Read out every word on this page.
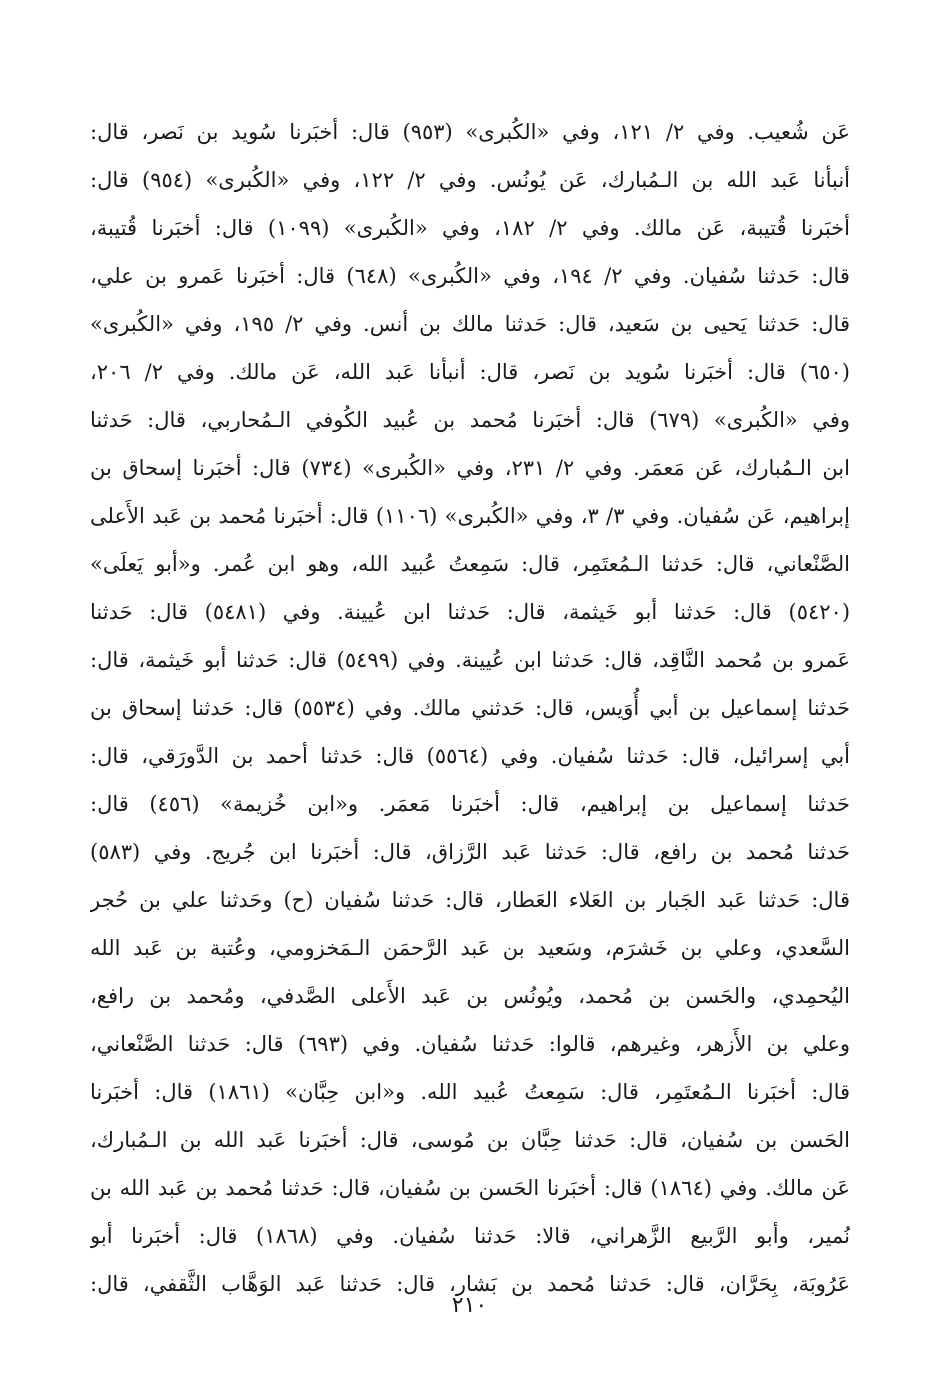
عَن شُعيب. وفي ٢/ ١٢١، وفي «الكُبرى» (٩٥٣) قال: أخبَرنا سُويد بن نَصر، قال:
أنبأنا عَبد الله بن الـمُبارك، عَن يُونُس. وفي ٢/ ١٢٢، وفي «الكُبرى» (٩٥٤) قال:
أخبَرنا قُتيبة، عَن مالك. وفي ٢/ ١٨٢، وفي «الكُبرى» (١٠٩٩) قال: أخبَرنا قُتيبة،
قال: حَدثنا سُفيان. وفي ٢/ ١٩٤، وفي «الكُبرى» (٦٤٨) قال: أخبَرنا عَمرو بن علي،
قال: حَدثنا يَحيى بن سَعيد، قال: حَدثنا مالك بن أنس. وفي ٢/ ١٩٥، وفي «الكُبرى»
(٦٥٠) قال: أخبَرنا سُويد بن نَصر، قال: أنبأنا عَبد الله، عَن مالك. وفي ٢/ ٢٠٦،
وفي «الكُبرى» (٦٧٩) قال: أخبَرنا مُحمد بن عُبيد الكُوفي الـمُحاربي، قال: حَدثنا
ابن الـمُبارك، عَن مَعمَر. وفي ٢/ ٢٣١، وفي «الكُبرى» (٧٣٤) قال: أخبَرنا إسحاق بن
إبراهيم، عَن سُفيان. وفي ٣/ ٣، وفي «الكُبرى» (١١٠٦) قال: أخبَرنا مُحمد بن عَبد الأَعلى
الصَّنْعاني، قال: حَدثنا الـمُعتَمِر، قال: سَمِعتُ عُبيد الله، وهو ابن عُمر. و«أبو يَعلَى»
(٥٤٢٠) قال: حَدثنا أبو خَيثمة، قال: حَدثنا ابن عُيينة. وفي (٥٤٨١) قال: حَدثنا
عَمرو بن مُحمد النَّاقِد، قال: حَدثنا ابن عُيينة. وفي (٥٤٩٩) قال: حَدثنا أبو خَيثمة، قال:
حَدثنا إسماعيل بن أبي أُوَيس، قال: حَدثني مالك. وفي (٥٥٣٤) قال: حَدثنا إسحاق بن
أبي إسرائيل، قال: حَدثنا سُفيان. وفي (٥٥٦٤) قال: حَدثنا أحمد بن الدَّورَقي، قال:
حَدثنا إسماعيل بن إبراهيم، قال: أخبَرنا مَعمَر. و«ابن خُزيمة» (٤٥٦) قال:
حَدثنا مُحمد بن رافع، قال: حَدثنا عَبد الرَّزاق، قال: أخبَرنا ابن جُريج. وفي (٥٨٣)
قال: حَدثنا عَبد الجَبار بن العَلاء العَطار، قال: حَدثنا سُفيان (ح) وحَدثنا علي بن حُجر
السَّعدي، وعلي بن خَشرَم، وسَعيد بن عَبد الرَّحمَن الـمَخزومي، وعُتبة بن عَبد الله
اليُحمِدي، والحَسن بن مُحمد، ويُونُس بن عَبد الأَعلى الصَّدفي، ومُحمد بن رافع،
وعلي بن الأَزهر، وغيرهم، قالوا: حَدثنا سُفيان. وفي (٦٩٣) قال: حَدثنا الصَّنْعاني،
قال: أخبَرنا الـمُعتَمِر، قال: سَمِعتُ عُبيد الله. و«ابن حِبَّان» (١٨٦١) قال: أخبَرنا
الحَسن بن سُفيان، قال: حَدثنا حِبَّان بن مُوسى، قال: أخبَرنا عَبد الله بن الـمُبارك،
عَن مالك. وفي (١٨٦٤) قال: أخبَرنا الحَسن بن سُفيان، قال: حَدثنا مُحمد بن عَبد الله بن
نُمير، وأبو الرَّبيع الزَّهراني، قالا: حَدثنا سُفيان. وفي (١٨٦٨) قال: أخبَرنا أبو
عَرُوبَة، بِحَرَّان، قال: حَدثنا مُحمد بن بَشار، قال: حَدثنا عَبد الوَهَّاب الثَّقفي، قال:
٢١٠
